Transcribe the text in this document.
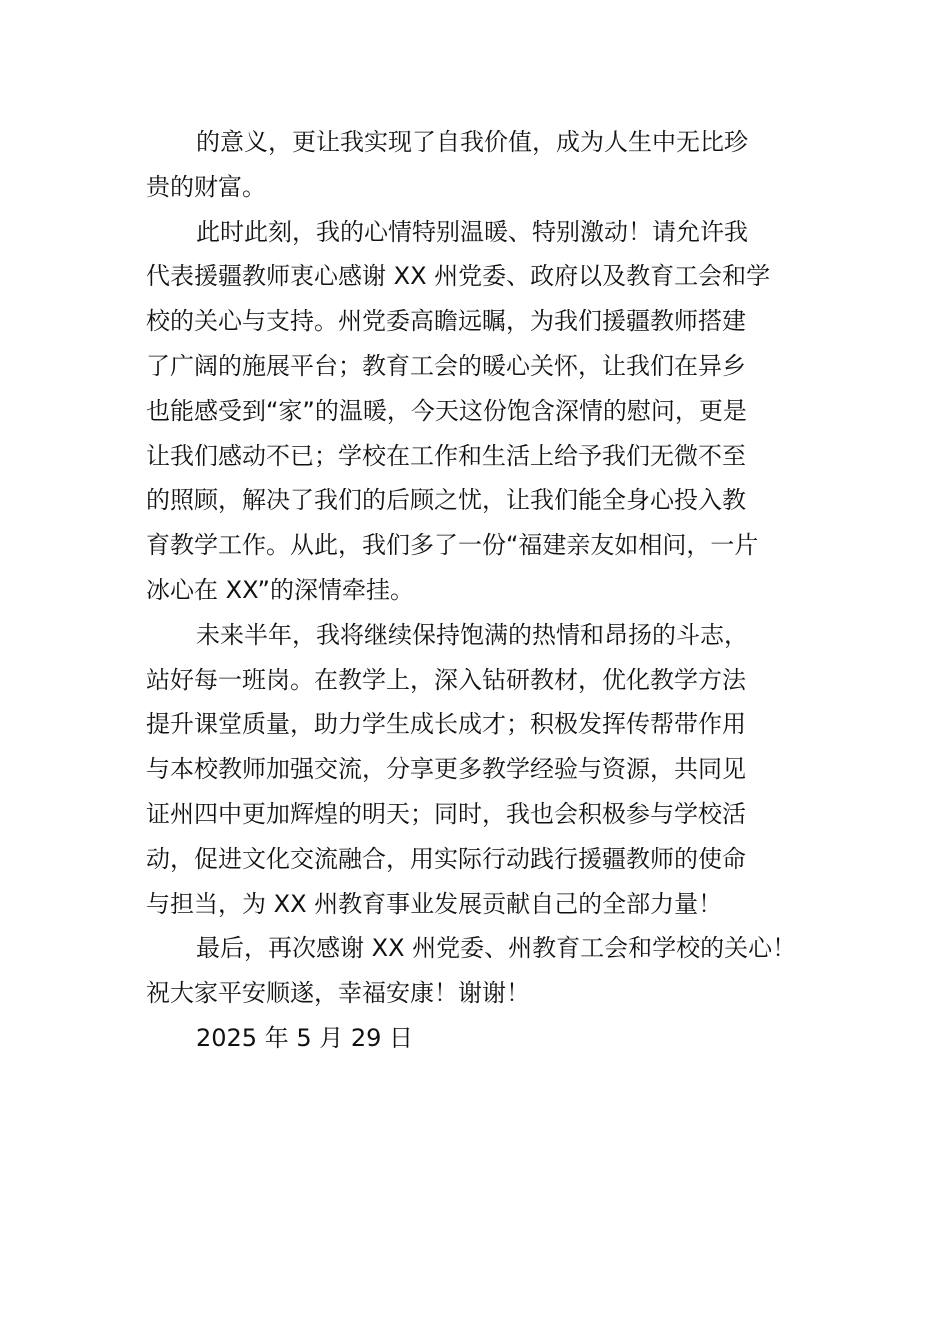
的意义，更让我实现了自我价值，成为人生中无比珍
贵的财富。
此时此刻，我的心情特别温暖、特别激动！请允许我
代表援疆教师衷心感谢 XX 州党委、政府以及教育工会和学
校的关心与支持。州党委高瞻远瞩，为我们援疆教师搭建
了广阔的施展平台；教育工会的暖心关怀，让我们在异乡
也能感受到“家”的温暖，今天这份饱含深情的慰问，更是
让我们感动不已；学校在工作和生活上给予我们无微不至
的照顾，解决了我们的后顾之忧，让我们能全身心投入教
育教学工作。从此，我们多了一份“福建亲友如相问，一片
冰心在 XX”的深情牵挂。
未来半年，我将继续保持饱满的热情和昂扬的斗志，
站好每一班岗。在教学上，深入钻研教材，优化教学方法
提升课堂质量，助力学生成长成才；积极发挥传帮带作用
与本校教师加强交流，分享更多教学经验与资源，共同见
证州四中更加辉煌的明天；同时，我也会积极参与学校活
动，促进文化交流融合，用实际行动践行援疆教师的使命
与担当，为 XX 州教育事业发展贡献自己的全部力量！
最后，再次感谢 XX 州党委、州教育工会和学校的关心！
祝大家平安顺遂，幸福安康！谢谢！
2025 年 5 月 29 日
